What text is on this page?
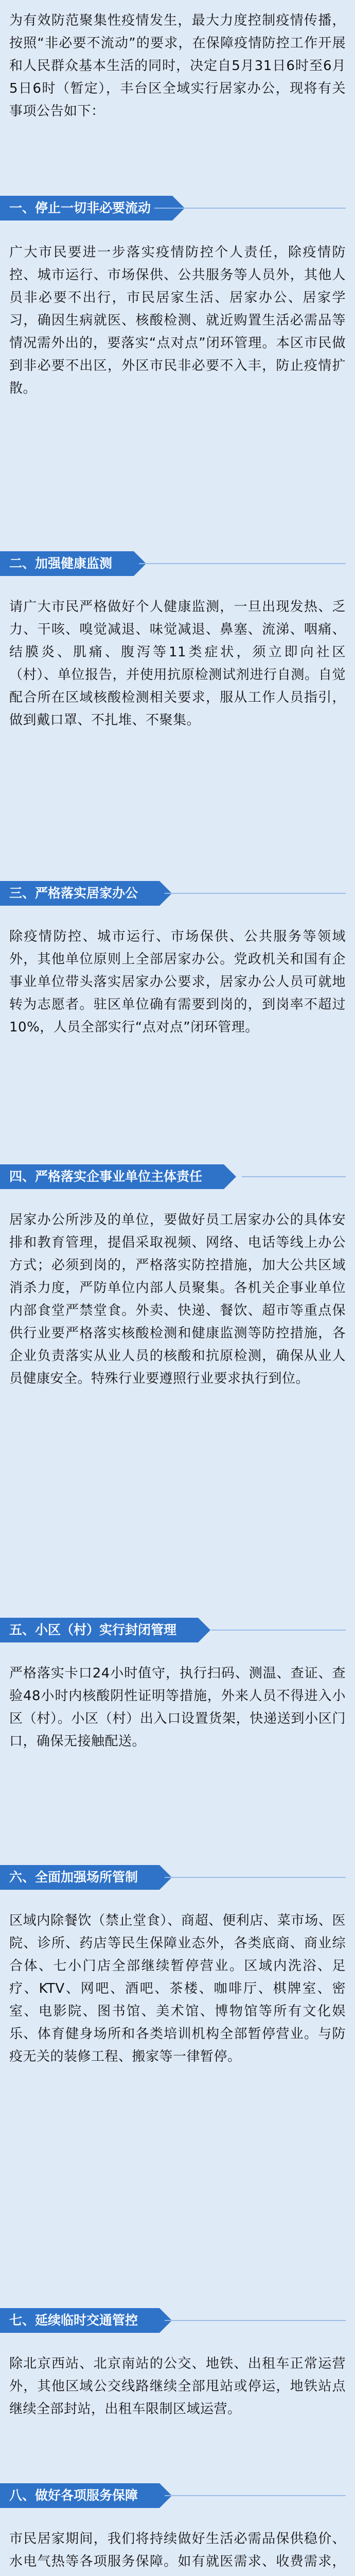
为有效防范聚集性疫情发生，最大力度控制疫情传播，按照“非必要不流动”的要求，在保障疫情防控工作开展和人民群众基本生活的同时，决定自5月31日6时至6月5日6时（暂定），丰台区全域实行居家办公，现将有关事项公告如下：

一、停止一切非必要流动

广大市民要进一步落实疫情防控个人责任，除疫情防控、城市运行、市场保供、公共服务等人员外，其他人员非必要不出行，市民居家生活、居家办公、居家学习，确因生病就医、核酸检测、就近购置生活必需品等情况需外出的，要落实“点对点”闭环管理。本区市民做到非必要不出区，外区市民非必要不入丰，防止疫情扩散。

二、加强健康监测

请广大市民严格做好个人健康监测，一旦出现发热、乏力、干咳、嗅觉减退、味觉减退、鼻塞、流涕、咽痛、结膜炎、肌痛、腹泻等11类症状，须立即向社区（村）、单位报告，并使用抗原检测试剂进行自测。自觉配合所在区域核酸检测相关要求，服从工作人员指引，做到戴口罩、不扎堆、不聚集。

三、严格落实居家办公

除疫情防控、城市运行、市场保供、公共服务等领域外，其他单位原则上全部居家办公。党政机关和国有企事业单位带头落实居家办公要求，居家办公人员可就地转为志愿者。驻区单位确有需要到岗的，到岗率不超过10%，人员全部实行“点对点”闭环管理。

四、严格落实企事业单位主体责任

居家办公所涉及的单位，要做好员工居家办公的具体安排和教育管理，提倡采取视频、网络、电话等线上办公方式；必须到岗的，严格落实防控措施，加大公共区域消杀力度，严防单位内部人员聚集。各机关企事业单位内部食堂严禁堂食。外卖、快递、餐饮、超市等重点保供行业要严格落实核酸检测和健康监测等防控措施，各企业负责落实从业人员的核酸和抗原检测，确保从业人员健康安全。特殊行业要遵照行业要求执行到位。

五、小区（村）实行封闭管理

严格落实卡口24小时值守，执行扫码、测温、查证、查验48小时内核酸阴性证明等措施，外来人员不得进入小区（村）。小区（村）出入口设置货架，快递送到小区门口，确保无接触配送。

六、全面加强场所管制

区域内除餐饮（禁止堂食）、商超、便利店、菜市场、医院、诊所、药店等民生保障业态外，各类底商、商业综合体、七小门店全部继续暂停营业。区域内洗浴、足疗、KTV、网吧、酒吧、茶楼、咖啡厅、棋牌室、密室、电影院、图书馆、美术馆、博物馆等所有文化娱乐、体育健身场所和各类培训机构全部暂停营业。与防疫无关的装修工程、搬家等一律暂停。

七、延续临时交通管控

除北京西站、北京南站的公交、地铁、出租车正常运营外，其他区域公交线路继续全部甩站或停运，地铁站点继续全部封站，出租车限制区域运营。

八、做好各项服务保障

市民居家期间，我们将持续做好生活必需品保供稳价、水电气热等各项服务保障。如有就医需求、收费需求，
